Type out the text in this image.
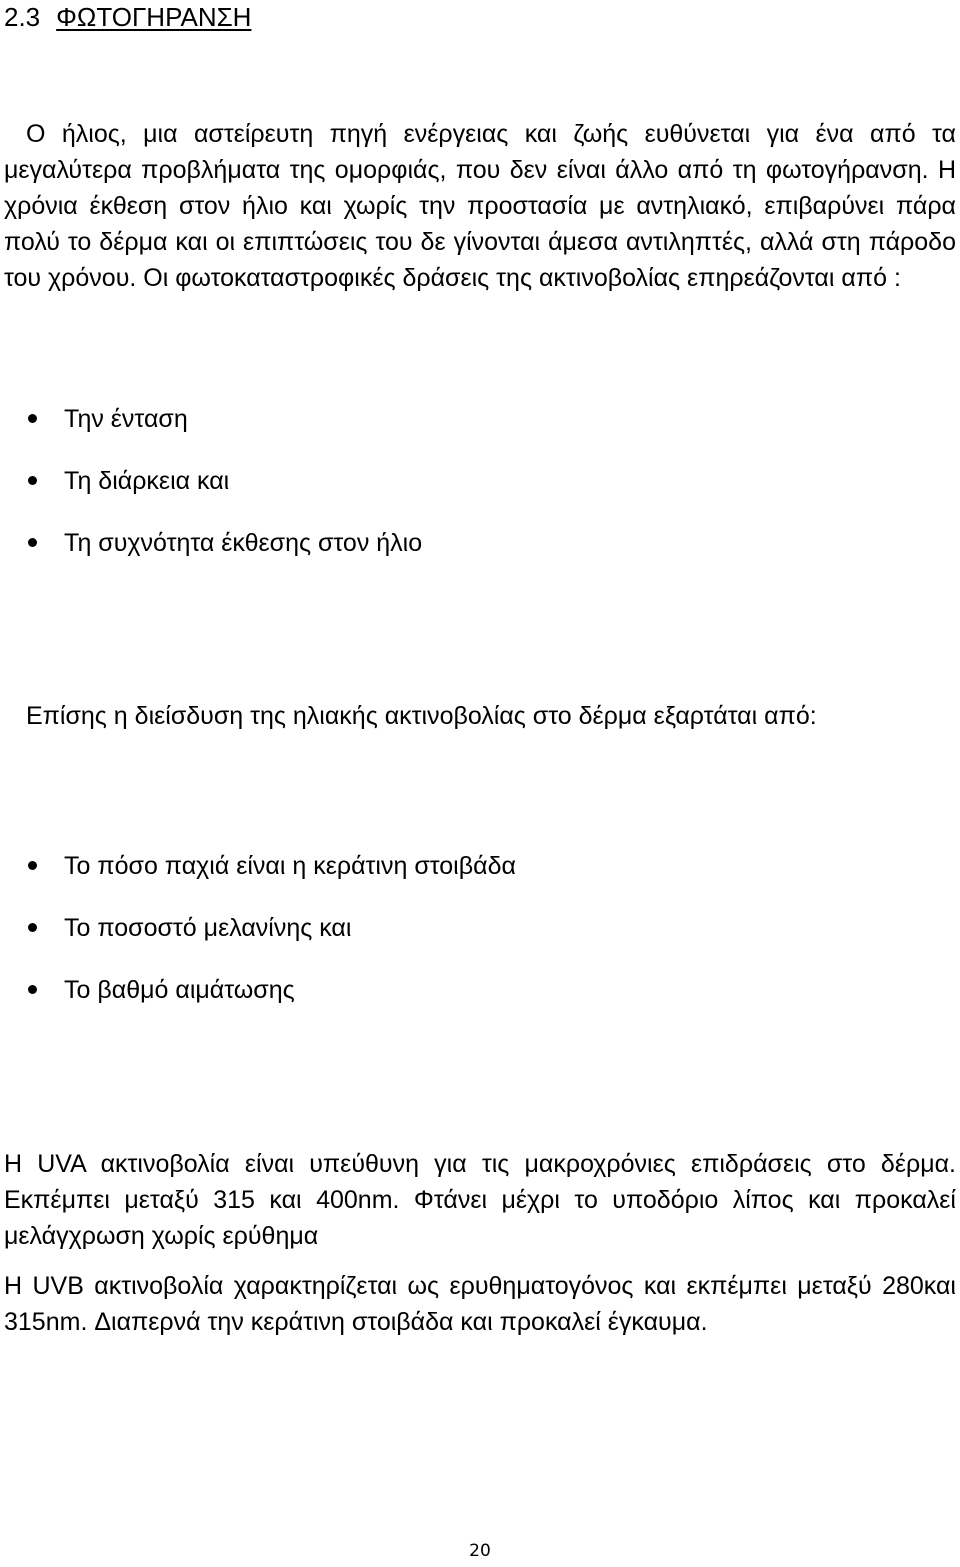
2.3 ΦΩΤΟΓΗΡΑΝΣΗ

Ο ήλιος, μια αστείρευτη πηγή ενέργειας και ζωής ευθύνεται για ένα από τα μεγαλύτερα προβλήματα της ομορφιάς, που δεν είναι άλλο από τη φωτογήρανση. Η χρόνια έκθεση στον ήλιο και χωρίς την προστασία με αντηλιακό, επιβαρύνει πάρα πολύ το δέρμα και οι επιπτώσεις του δε γίνονται άμεσα αντιληπτές, αλλά στη πάροδο του χρόνου. Οι φωτοκαταστροφικές δράσεις της ακτινοβολίας επηρεάζονται από :

Την ένταση
Τη διάρκεια και
Τη συχνότητα έκθεσης στον ήλιο

Επίσης η διείσδυση της ηλιακής ακτινοβολίας στο δέρμα εξαρτάται από:

Το πόσο παχιά είναι η κεράτινη στοιβάδα
Το ποσοστό μελανίνης και
Το βαθμό αιμάτωσης

Η UVA ακτινοβολία είναι υπεύθυνη για τις μακροχρόνιες επιδράσεις στο δέρμα. Εκπέμπει μεταξύ 315 και 400nm. Φτάνει μέχρι το υποδόριο λίπος και προκαλεί μελάγχρωση χωρίς ερύθημα

Η UVB ακτινοβολία χαρακτηρίζεται ως ερυθηματογόνος και εκπέμπει μεταξύ 280και 315nm. Διαπερνά την κεράτινη στοιβάδα και προκαλεί έγκαυμα.

20
